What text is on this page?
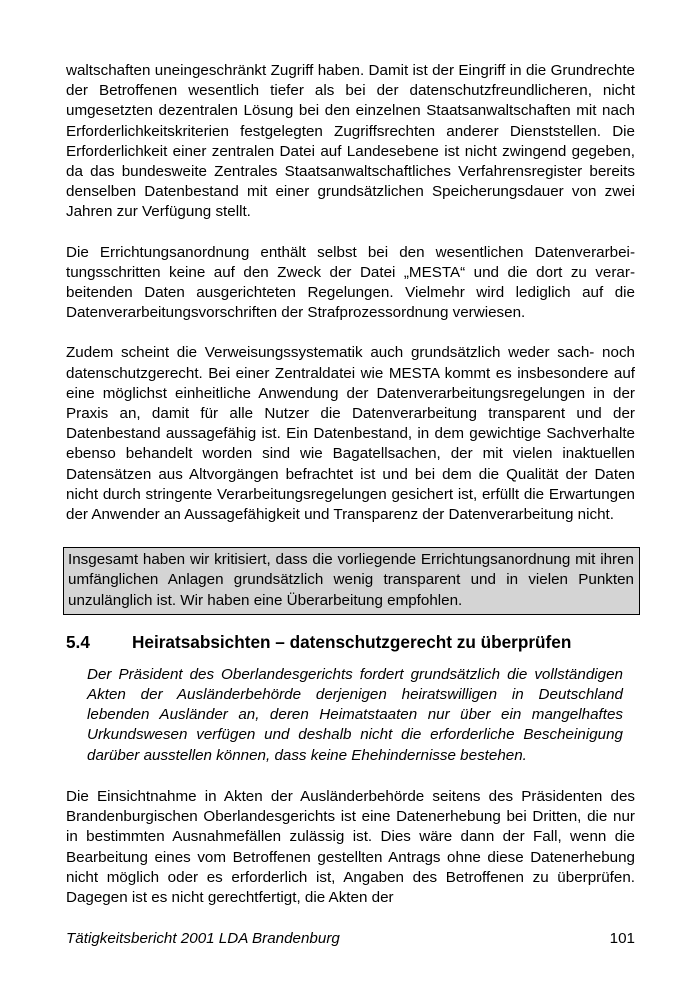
waltschaften uneingeschränkt Zugriff haben. Damit ist der Eingriff in die Grundrechte der Betroffenen wesentlich tiefer als bei der datenschutzfreundlicheren, nicht umgesetzten dezentralen Lösung bei den einzelnen Staatsanwaltschaften mit nach Erforderlichkeitskriterien festgelegten Zugriffsrechten anderer Dienststellen. Die Erforderlichkeit einer zentralen Datei auf Landesebene ist nicht zwingend gegeben, da das bundesweite Zentrales Staatsanwaltschaftliches Verfahrensregister bereits denselben Datenbestand mit einer grundsätzlichen Speicherungsdauer von zwei Jahren zur Verfügung stellt.

Die Errichtungsanordnung enthält selbst bei den wesentlichen Datenverarbeitungsschritten keine auf den Zweck der Datei „MESTA“ und die dort zu verarbeitenden Daten ausgerichteten Regelungen. Vielmehr wird lediglich auf die Datenverarbeitungsvorschriften der Strafprozessordnung verwiesen.

Zudem scheint die Verweisungssystematik auch grundsätzlich weder sach- noch datenschutzgerecht. Bei einer Zentraldatei wie MESTA kommt es insbesondere auf eine möglichst einheitliche Anwendung der Datenverarbeitungsregelungen in der Praxis an, damit für alle Nutzer die Datenverarbeitung transparent und der Datenbestand aussagefähig ist. Ein Datenbestand, in dem gewichtige Sachverhalte ebenso behandelt worden sind wie Bagatellsachen, der mit vielen inaktuellen Datensätzen aus Altvorgängen befrachtet ist und bei dem die Qualität der Daten nicht durch stringente Verarbeitungsregelungen gesichert ist, erfüllt die Erwartungen der Anwender an Aussagefähigkeit und Transparenz der Datenverarbeitung nicht.

Insgesamt haben wir kritisiert, dass die vorliegende Errichtungsanordnung mit ihren umfänglichen Anlagen grundsätzlich wenig transparent und in vielen Punkten unzulänglich ist. Wir haben eine Überarbeitung empfohlen.
5.4	Heiratsabsichten – datenschutzgerecht zu überprüfen

Der Präsident des Oberlandesgerichts fordert grundsätzlich die vollständigen Akten der Ausländerbehörde derjenigen heiratswilligen in Deutschland lebenden Ausländer an, deren Heimatstaaten nur über ein mangelhaftes Urkundswesen verfügen und deshalb nicht die erforderliche Bescheinigung darüber ausstellen können, dass keine Ehehindernisse bestehen.

Die Einsichtnahme in Akten der Ausländerbehörde seitens des Präsidenten des Brandenburgischen Oberlandesgerichts ist eine Datenerhebung bei Dritten, die nur in bestimmten Ausnahmefällen zulässig ist. Dies wäre dann der Fall, wenn die Bearbeitung eines vom Betroffenen gestellten Antrags ohne diese Datenerhebung nicht möglich oder es erforderlich ist, Angaben des Betroffenen zu überprüfen. Dagegen ist es nicht gerechtfertigt, die Akten der

Tätigkeitsbericht 2001 LDA Brandenburg	101
